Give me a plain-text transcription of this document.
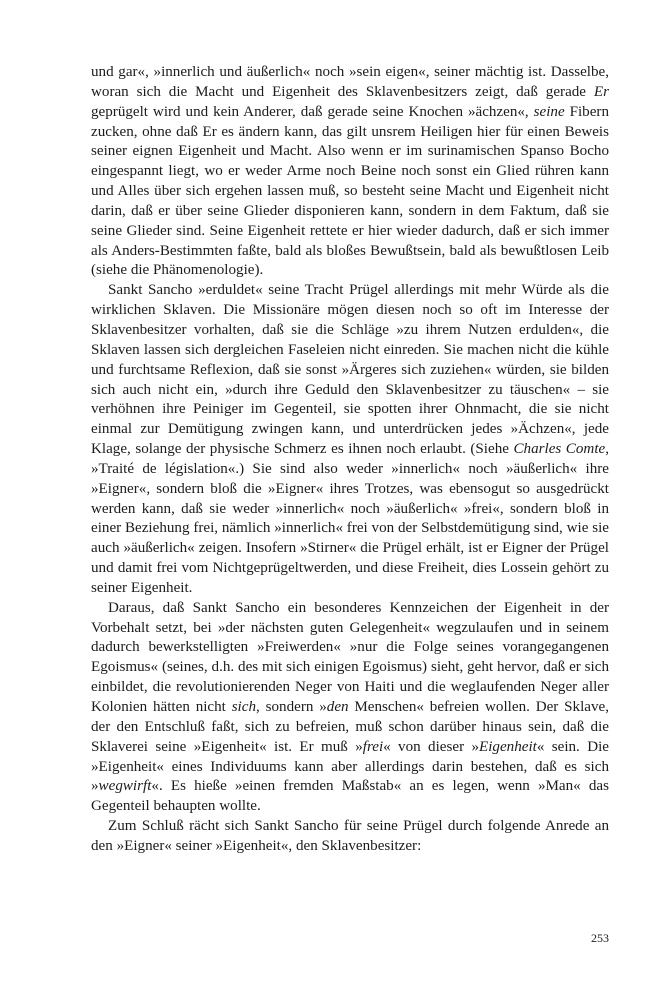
und gar«, »innerlich und äußerlich« noch »sein eigen«, seiner mächtig ist. Dasselbe, woran sich die Macht und Eigenheit des Sklavenbesitzers zeigt, daß gerade Er geprügelt wird und kein Anderer, daß gerade seine Knochen »ächzen«, seine Fibern zucken, ohne daß Er es ändern kann, das gilt unsrem Heiligen hier für einen Beweis seiner eignen Eigenheit und Macht. Also wenn er im surinamischen Spanso Bocho eingespannt liegt, wo er weder Arme noch Beine noch sonst ein Glied rühren kann und Alles über sich ergehen lassen muß, so besteht seine Macht und Eigenheit nicht darin, daß er über seine Glieder disponieren kann, sondern in dem Faktum, daß sie seine Glieder sind. Seine Eigenheit rettete er hier wieder dadurch, daß er sich immer als Anders-Bestimmten faßte, bald als bloßes Bewußtsein, bald als bewußtlosen Leib (siehe die Phänomenologie).

Sankt Sancho »erduldet« seine Tracht Prügel allerdings mit mehr Würde als die wirklichen Sklaven. Die Missionäre mögen diesen noch so oft im Interesse der Sklavenbesitzer vorhalten, daß sie die Schläge »zu ihrem Nutzen erdulden«, die Sklaven lassen sich dergleichen Faseleien nicht einreden. Sie machen nicht die kühle und furchtsame Reflexion, daß sie sonst »Ärgeres sich zuziehen« würden, sie bilden sich auch nicht ein, »durch ihre Geduld den Sklavenbesitzer zu täuschen« – sie verhöhnen ihre Peiniger im Gegenteil, sie spotten ihrer Ohnmacht, die sie nicht einmal zur Demütigung zwingen kann, und unterdrücken jedes »Ächzen«, jede Klage, solange der physische Schmerz es ihnen noch erlaubt. (Siehe Charles Comte, »Traité de législation«.) Sie sind also weder »innerlich« noch »äußerlich« ihre »Eigner«, sondern bloß die »Eigner« ihres Trotzes, was ebensogut so ausgedrückt werden kann, daß sie weder »innerlich« noch »äußerlich« »frei«, sondern bloß in einer Beziehung frei, nämlich »innerlich« frei von der Selbstdemütigung sind, wie sie auch »äußerlich« zeigen. Insofern »Stirner« die Prügel erhält, ist er Eigner der Prügel und damit frei vom Nichtgeprügeltwerden, und diese Freiheit, dies Lossein gehört zu seiner Eigenheit.

Daraus, daß Sankt Sancho ein besonderes Kennzeichen der Eigenheit in der Vorbehalt setzt, bei »der nächsten guten Gelegenheit« wegzulaufen und in seinem dadurch bewerkstelligten »Freiwerden« »nur die Folge seines vorangegangenen Egoismus« (seines, d.h. des mit sich einigen Egoismus) sieht, geht hervor, daß er sich einbildet, die revolutionierenden Neger von Haiti und die weglaufenden Neger aller Kolonien hätten nicht sich, sondern »den Menschen« befreien wollen. Der Sklave, der den Entschluß faßt, sich zu befreien, muß schon darüber hinaus sein, daß die Sklaverei seine »Eigenheit« ist. Er muß »frei« von dieser »Eigenheit« sein. Die »Eigenheit« eines Individuums kann aber allerdings darin bestehen, daß es sich »wegwirft«. Es hieße »einen fremden Maßstab« an es legen, wenn »Man« das Gegenteil behaupten wollte.

Zum Schluß rächt sich Sankt Sancho für seine Prügel durch folgende Anrede an den »Eigner« seiner »Eigenheit«, den Sklavenbesitzer:

253
